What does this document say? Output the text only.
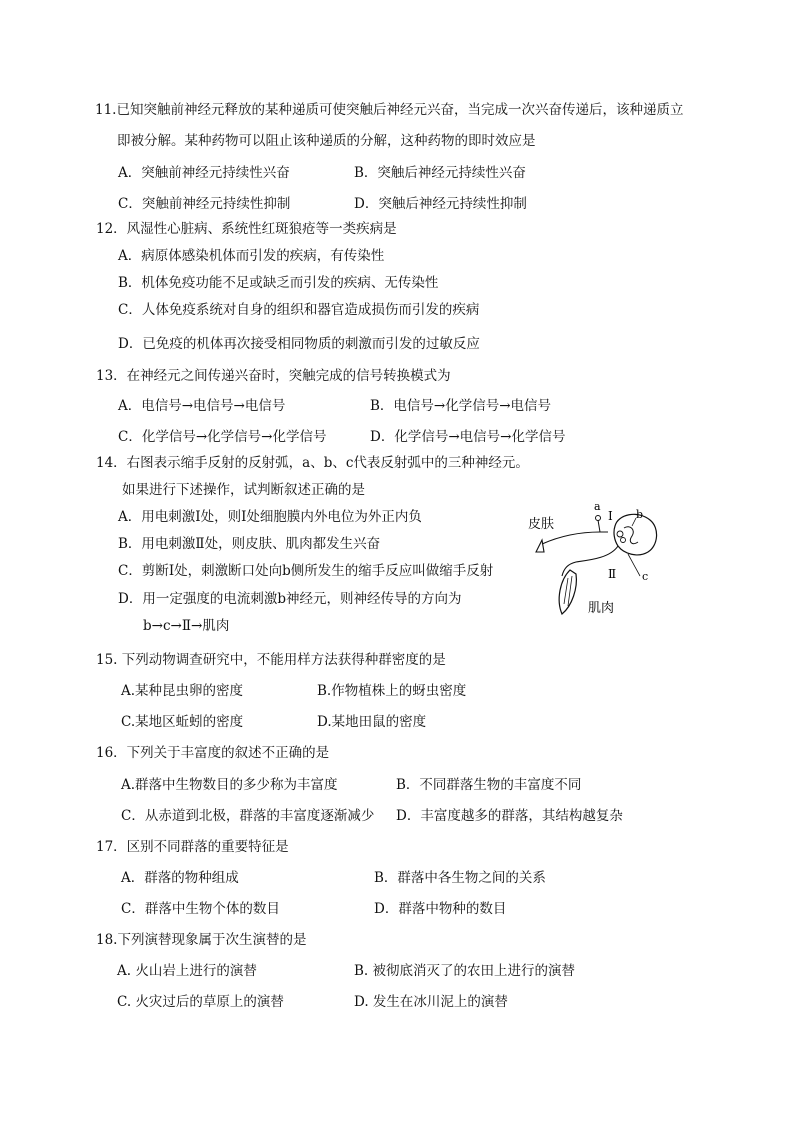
11.已知突触前神经元释放的某种递质可使突触后神经元兴奋，当完成一次兴奋传递后，该种递质立
即被分解。某种药物可以阻止该种递质的分解，这种药物的即时效应是
A．突触前神经元持续性兴奋	B．突触后神经元持续性兴奋
C．突触前神经元持续性抑制	D．突触后神经元持续性抑制
12．风湿性心脏病、系统性红斑狼疮等一类疾病是
A．病原体感染机体而引发的疾病，有传染性
B．机体免疫功能不足或缺乏而引发的疾病、无传染性
C．人体免疫系统对自身的组织和器官造成损伤而引发的疾病
D．已免疫的机体再次接受相同物质的刺激而引发的过敏反应
13．在神经元之间传递兴奋时，突触完成的信号转换模式为
A．电信号→电信号→电信号	B．电信号→化学信号→电信号
C．化学信号→化学信号→化学信号	D．化学信号→电信号→化学信号
14．右图表示缩手反射的反射弧，a、b、c代表反射弧中的三种神经元。
如果进行下述操作，试判断叙述正确的是
A．用电刺激Ⅰ处，则Ⅰ处细胞膜内外电位为外正内负
B．用电刺激Ⅱ处，则皮肤、肌肉都发生兴奋
C．剪断Ⅰ处，刺激断口处向b侧所发生的缩手反应叫做缩手反射
D．用一定强度的电流刺激b神经元，则神经传导的方向为
b→c→Ⅱ→肌肉
皮肤
a
Ⅰ b
c
Ⅱ
肌肉
15. 下列动物调查研究中，不能用样方法获得种群密度的是
A.某种昆虫卵的密度	B.作物植株上的蚜虫密度
C.某地区蚯蚓的密度	D.某地田鼠的密度
16．下列关于丰富度的叙述不正确的是
A.群落中生物数目的多少称为丰富度	B．不同群落生物的丰富度不同
C．从赤道到北极，群落的丰富度逐渐减少 D．丰富度越多的群落，其结构越复杂
17．区别不同群落的重要特征是
A．群落的物种组成	B．群落中各生物之间的关系
C．群落中生物个体的数目	D．群落中物种的数目
18.下列演替现象属于次生演替的是
A. 火山岩上进行的演替	B. 被彻底消灭了的农田上进行的演替
C. 火灾过后的草原上的演替	D. 发生在冰川泥上的演替
